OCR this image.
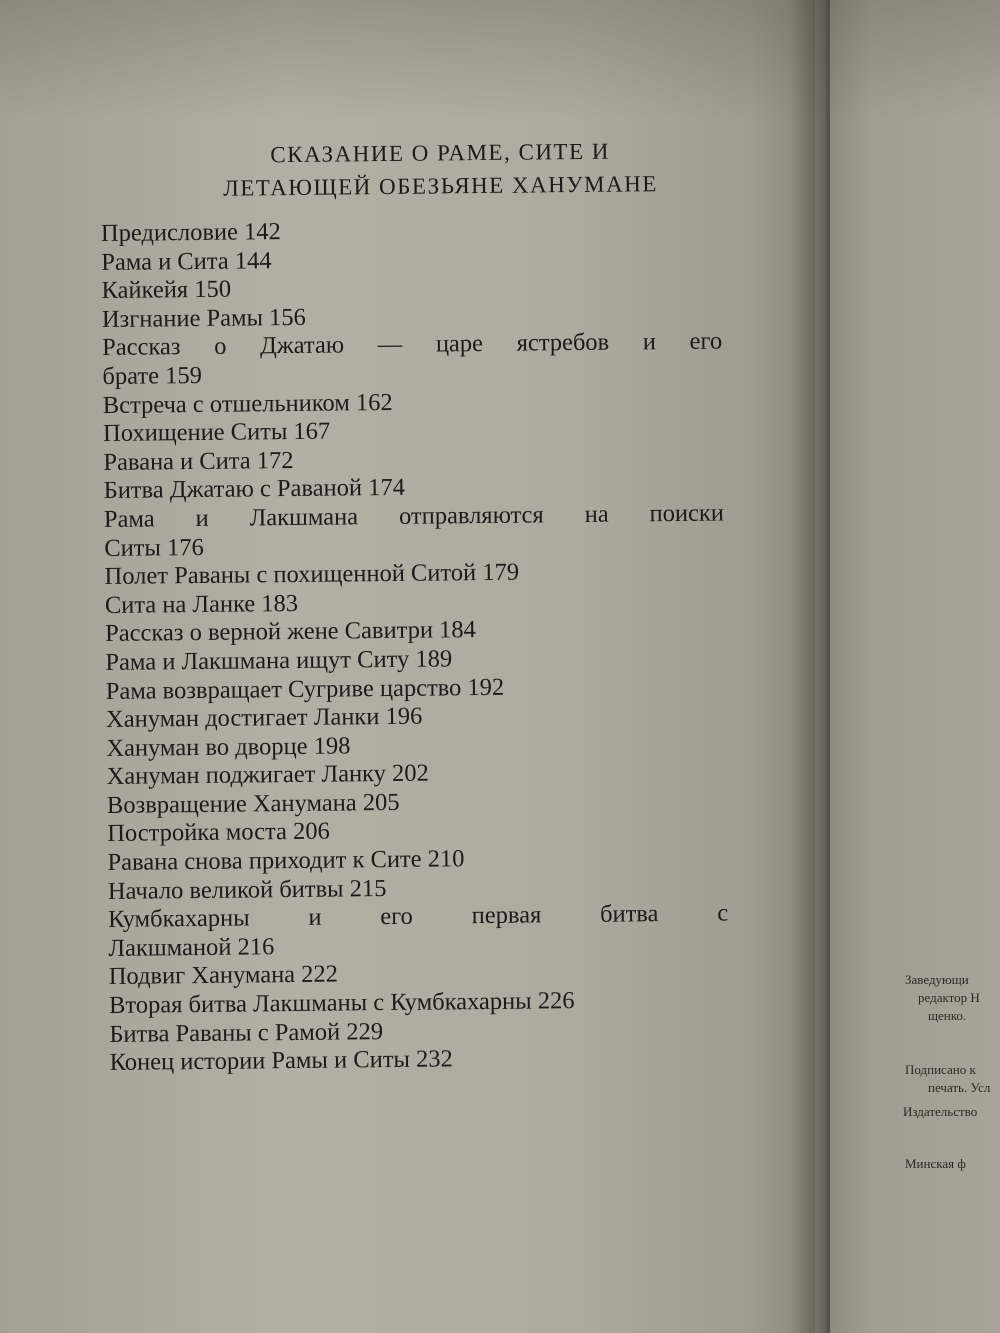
СКАЗАНИЕ О РАМЕ, СИТЕ И
ЛЕТАЮЩЕЙ ОБЕЗЬЯНЕ ХАНУМАНЕ
Предисловие 142
Рама и Сита 144
Кайкейя 150
Изгнание Рамы 156
Рассказ о Джатаю — царе ястребов и его
брате 159
Встреча с отшельником 162
Похищение Ситы 167
Равана и Сита 172
Битва Джатаю с Раваной 174
Рама и Лакшмана отправляются на поиски
Ситы 176
Полет Раваны с похищенной Ситой 179
Сита на Ланке 183
Рассказ о верной жене Савитри 184
Рама и Лакшмана ищут Ситу 189
Рама возвращает Сугриве царство 192
Хануман достигает Ланки 196
Хануман во дворце 198
Хануман поджигает Ланку 202
Возвращение Ханумана 205
Постройка моста 206
Равана снова приходит к Сите 210
Начало великой битвы 215
Кумбкахарны и его первая битва с
Лакшманой 216
Подвиг Ханумана 222
Вторая битва Лакшманы с Кумбкахарны 226
Битва Раваны с Рамой 229
Конец истории Рамы и Ситы 232
Заведующи
редактор Н
щенко.
Подписано к
печать. Усл
Издательство
Минская ф
